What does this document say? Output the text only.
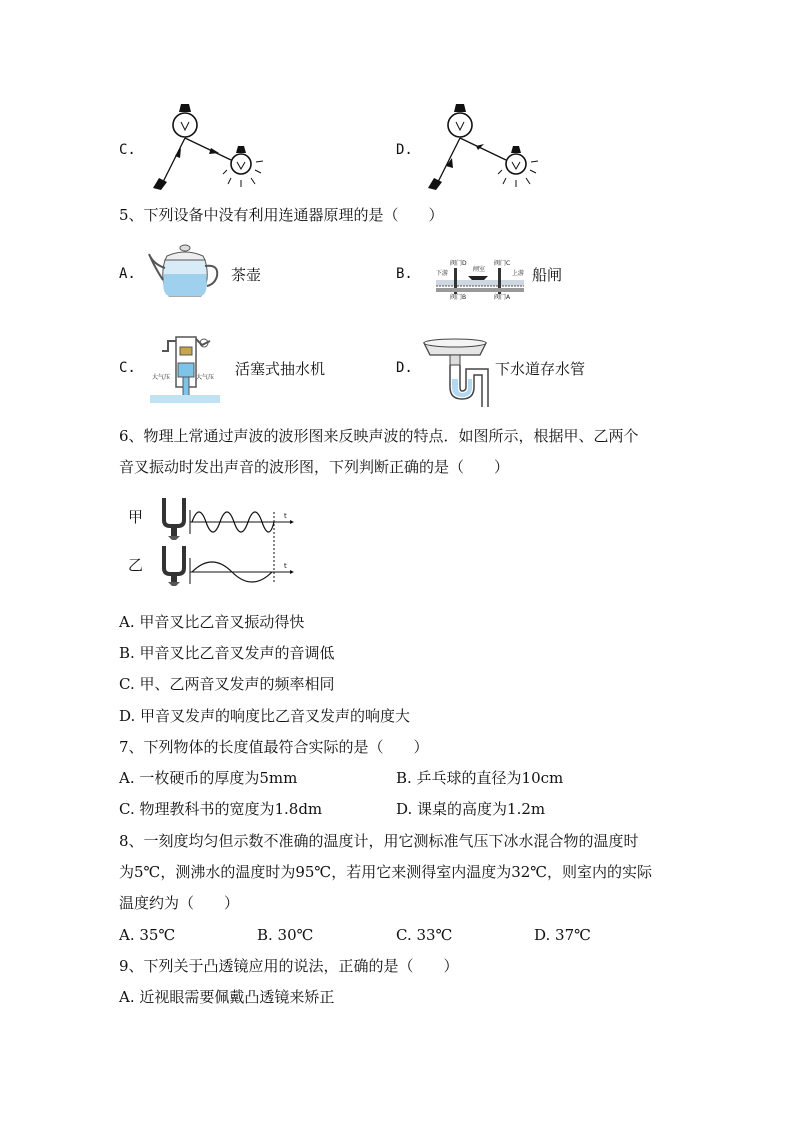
C.	D.
5、下列设备中没有利用连通器原理的是（　　）
A.	茶壶	B.
阀门D	阀门C
下游
闸室
上游
阀门B	阀门A
船闸
C.
大气压	大气压 活塞式抽水机	D.	下水道存水管
6、物理上常通过声波的波形图来反映声波的特点．如图所示，根据甲、乙两个
音叉振动时发出声音的波形图，下列判断正确的是（　　）
甲
乙
t
t
A. 甲音叉比乙音叉振动得快
B. 甲音叉比乙音叉发声的音调低
C. 甲、乙两音叉发声的频率相同
D. 甲音叉发声的响度比乙音叉发声的响度大
7、下列物体的长度值最符合实际的是（　　）
A. 一枚硬币的厚度为5mm	B. 乒乓球的直径为10cm
C. 物理教科书的宽度为1.8dm	D. 课桌的高度为1.2m
8、一刻度均匀但示数不准确的温度计，用它测标准气压下冰水混合物的温度时
为5℃，测沸水的温度时为95℃，若用它来测得室内温度为32℃，则室内的实际
温度约为（　　）
A. 35℃	B. 30℃	C. 33℃	D. 37℃
9、下列关于凸透镜应用的说法，正确的是（　　）
A. 近视眼需要佩戴凸透镜来矫正
